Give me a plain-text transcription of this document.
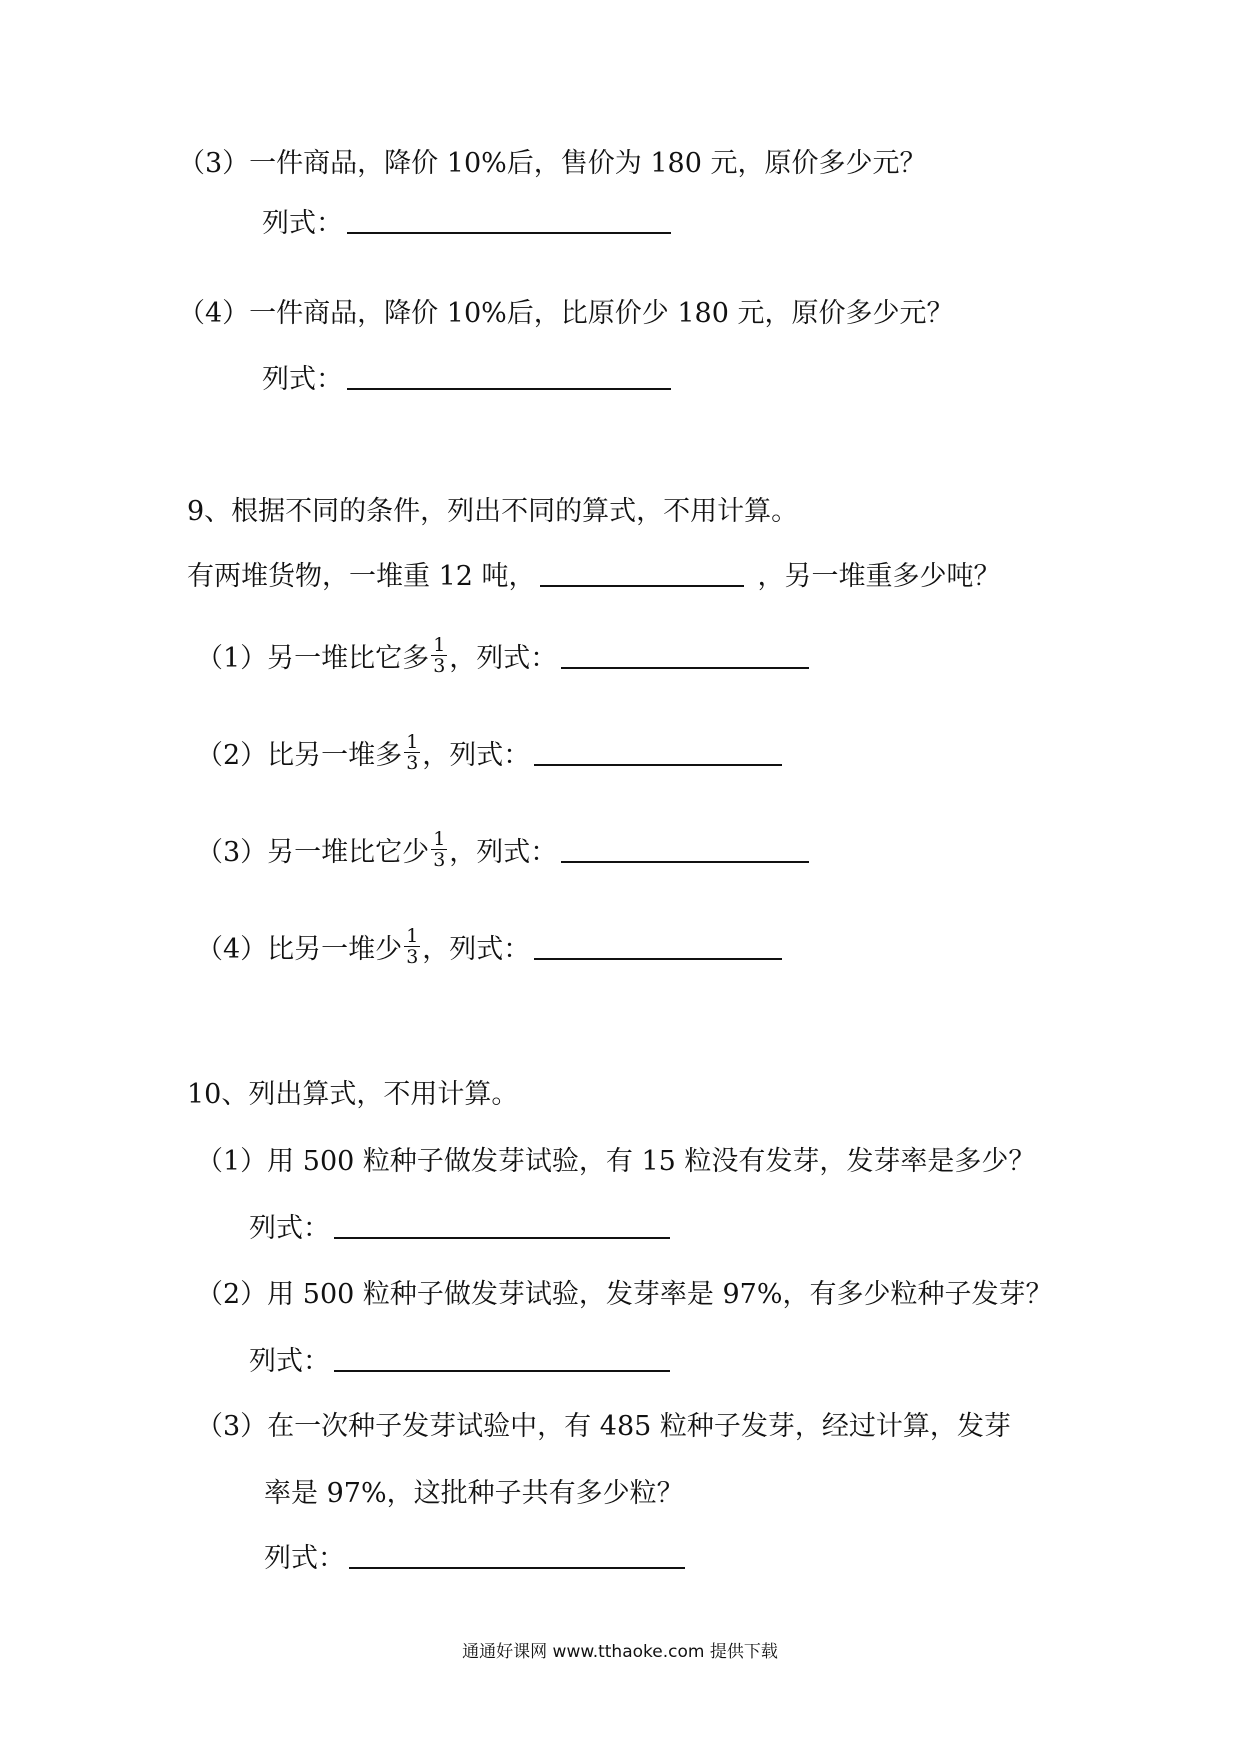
（3）一件商品，降价 10%后，售价为 180 元，原价多少元？
列式：
（4）一件商品，降价 10%后，比原价少 180 元，原价多少元？
列式：
9、根据不同的条件，列出不同的算式，不用计算。
有两堆货物，一堆重 12 吨，	，另一堆重多少吨？
（1）另一堆比它多 $\frac{1}{3}$ ，列式：
（2）比另一堆多 $\frac{1}{3}$ ，列式：
（3）另一堆比它少 $\frac{1}{3}$ ，列式：
（4）比另一堆少 $\frac{1}{3}$ ，列式：
10、列出算式，不用计算。
（1）用 500 粒种子做发芽试验，有 15 粒没有发芽，发芽率是多少？
列式：
（2）用 500 粒种子做发芽试验，发芽率是 97%，有多少粒种子发芽？
列式：
（3）在一次种子发芽试验中，有 485 粒种子发芽，经过计算，发芽
率是 97%，这批种子共有多少粒？
列式：
通通好课网 www.tthaoke.com 提供下载
